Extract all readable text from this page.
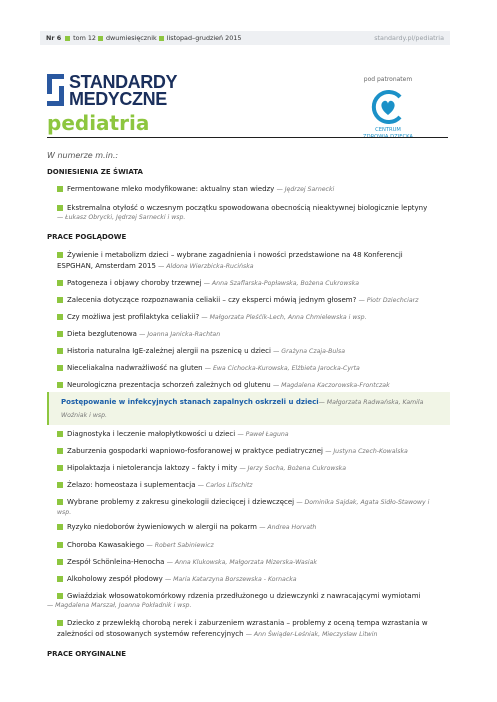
Nr 6 tom 12 dwumiesięcznik listopad–grudzień 2015	standardy.pl/pediatria
STANDARDY
MEDYCZNE
pediatria
pod patronatem
CENTRUM
W numerze m.in.:
DONIESIENIA ZE ŚWIATA
Fermentowane mleko modyfikowane: aktualny stan wiedzy — Jędrzej Sarnecki
Ekstremalna otyłość o wczesnym początku spowodowana obecnością nieaktywnej biologicznie leptyny
— Łukasz Obrycki, Jędrzej Sarnecki i wsp.
PRACE POGLĄDOWE
Żywienie i metabolizm dzieci – wybrane zagadnienia i nowości przedstawione na 48 Konferencji
ESPGHAN, Amsterdam 2015 — Aldona Wierzbicka-Rucińska
Patogeneza i objawy choroby trzewnej — Anna Szaflarska-Popławska, Bożena Cukrowska
Zalecenia dotyczące rozpoznawania celiakii – czy eksperci mówią jednym głosem? — Piotr Dziechciarz
Czy możliwa jest profilaktyka celiakii? — Małgorzata Pleśćik-Lech, Anna Chmielewska i wsp.
Dieta bezglutenowa — Joanna Janicka-Rachtan
Historia naturalna IgE-zależnej alergii na pszenicę u dzieci — Grażyna Czaja-Bulsa
Nieceliakalna nadwrażliwość na gluten — Ewa Cichocka-Kurowska, Elżbieta Jarocka-Cyrta
Neurologiczna prezentacja schorzeń zależnych od glutenu — Magdalena Kaczorowska-Frontczak
Postępowanie w infekcyjnych stanach zapalnych oskrzeli u dzieci— Małgorzata Radwańska, Kamila
Woźniak i wsp.
Diagnostyka i leczenie małopłytkowości u dzieci — Paweł Łaguna
Zaburzenia gospodarki wapniowo-fosforanowej w praktyce pediatrycznej — Justyna Czech-Kowalska
Hipolaktazja i nietolerancja laktozy – fakty i mity — Jerzy Socha, Bożena Cukrowska
Żelazo: homeostaza i suplementacja — Carlos Lifschitz
Wybrane problemy z zakresu ginekologii dziecięcej i dziewczęcej — Dominika Sajdak, Agata Sidło-Stawowy i
wsp.
Ryzyko niedoborów żywieniowych w alergii na pokarm — Andrea Horvath
Choroba Kawasakiego — Robert Sabiniewicz
Zespół Schönleina-Henocha — Anna Klukowska, Małgorzata Mizerska-Wasiak
Alkoholowy zespół płodowy — Maria Katarzyna Borszewska - Kornacka
Gwiaździak włosowatokomórkowy rdzenia przedłużonego u dziewczynki z nawracającymi wymiotami
— Magdalena Marszał, Joanna Pokładnik i wsp.
Dziecko z przewlekłą chorobą nerek i zaburzeniem wzrastania – problemy z oceną tempa wzrastania w
zależności od stosowanych systemów referencyjnych — Ann Świąder-Leśniak, Mieczysław Litwin
PRACE ORYGINALNE
